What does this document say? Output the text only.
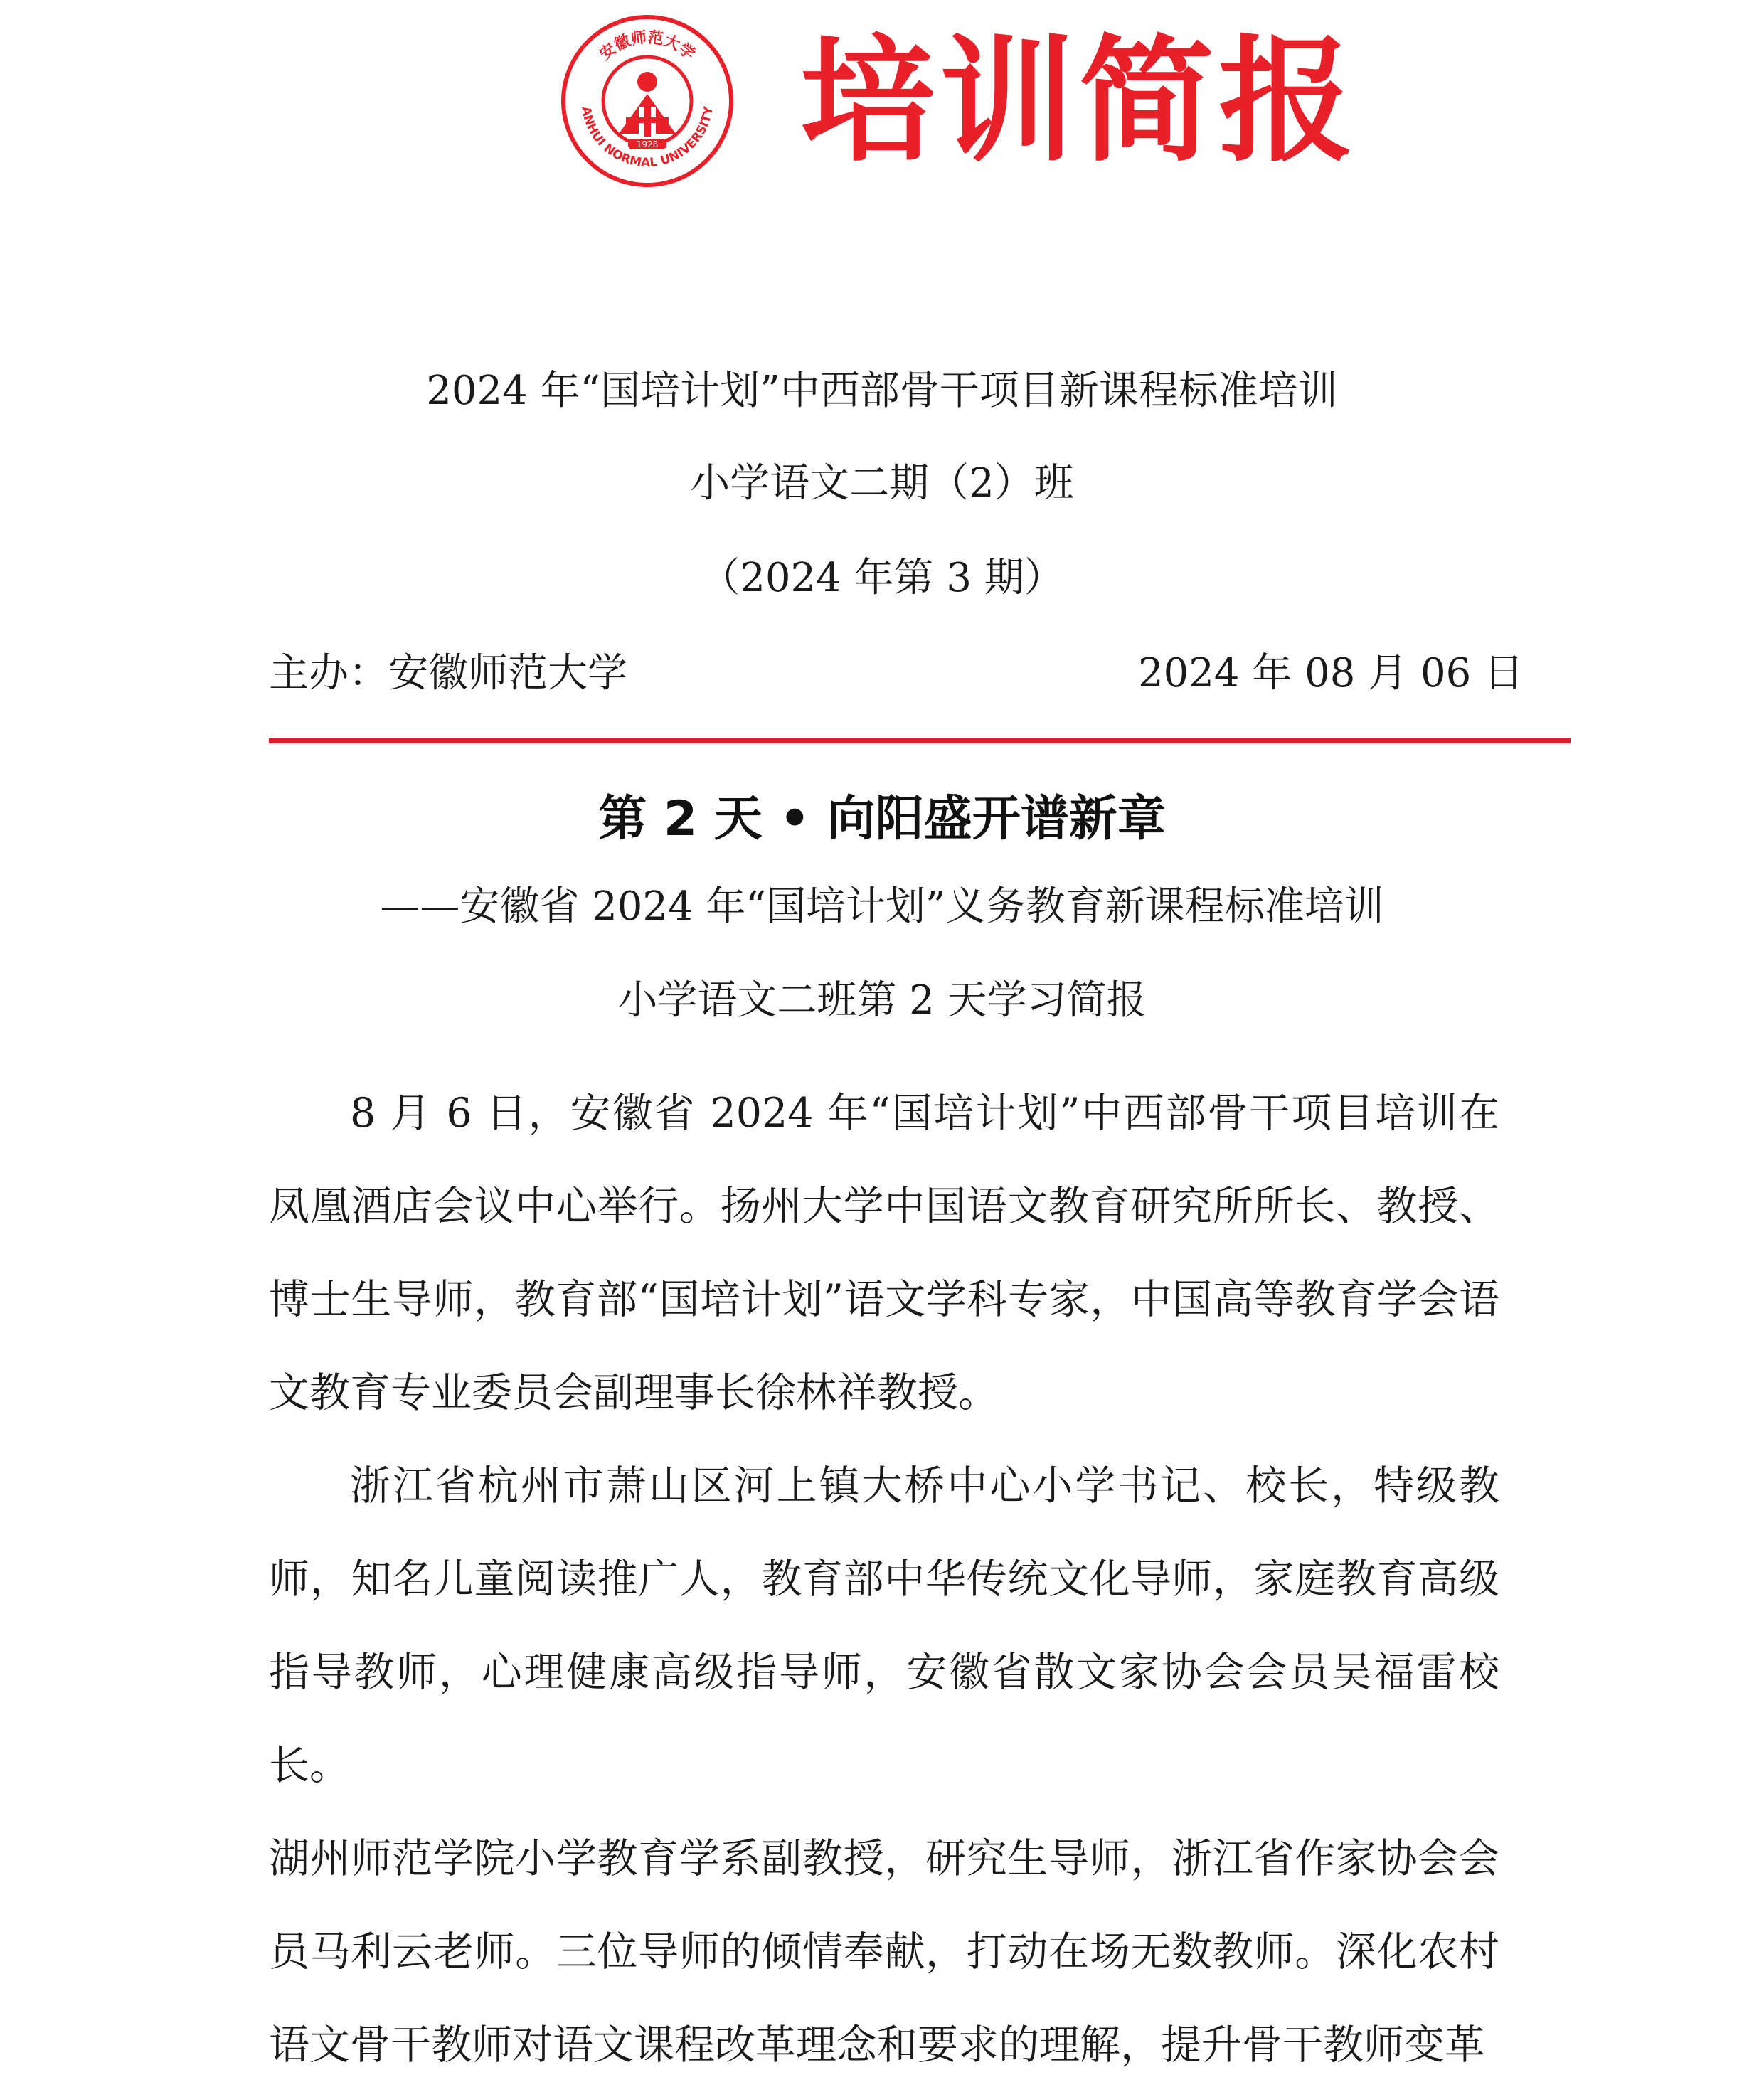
1928
安徽师范大学
ANHUI NORMAL UNIVERSITY 培训简报
2024 年“国培计划”中西部骨干项目新课程标准培训
小学语文二期（2）班
（2024 年第 3 期）
主办：安徽师范大学	2024 年 08 月 06 日
第 2 天 • 向阳盛开谱新章
——安徽省 2024 年“国培计划”义务教育新课程标准培训
小学语文二班第 2 天学习简报

8 月 6 日，安徽省 2024 年“国培计划”中西部骨干项目培训在凤凰酒店会议中心举行。扬州大学中国语文教育研究所所长、教授、博士生导师，教育部“国培计划”语文学科专家，中国高等教育学会语文教育专业委员会副理事长徐林祥教授。

浙江省杭州市萧山区河上镇大桥中心小学书记、校长，特级教师，知名儿童阅读推广人，教育部中华传统文化导师，家庭教育高级指导教师，心理健康高级指导师，安徽省散文家协会会员吴福雷校长。

湖州师范学院小学教育学系副教授，研究生导师，浙江省作家协会会员马利云老师。三位导师的倾情奉献，打动在场无数教师。深化农村语文骨干教师对语文课程改革理念和要求的理解，提升骨干教师变革
